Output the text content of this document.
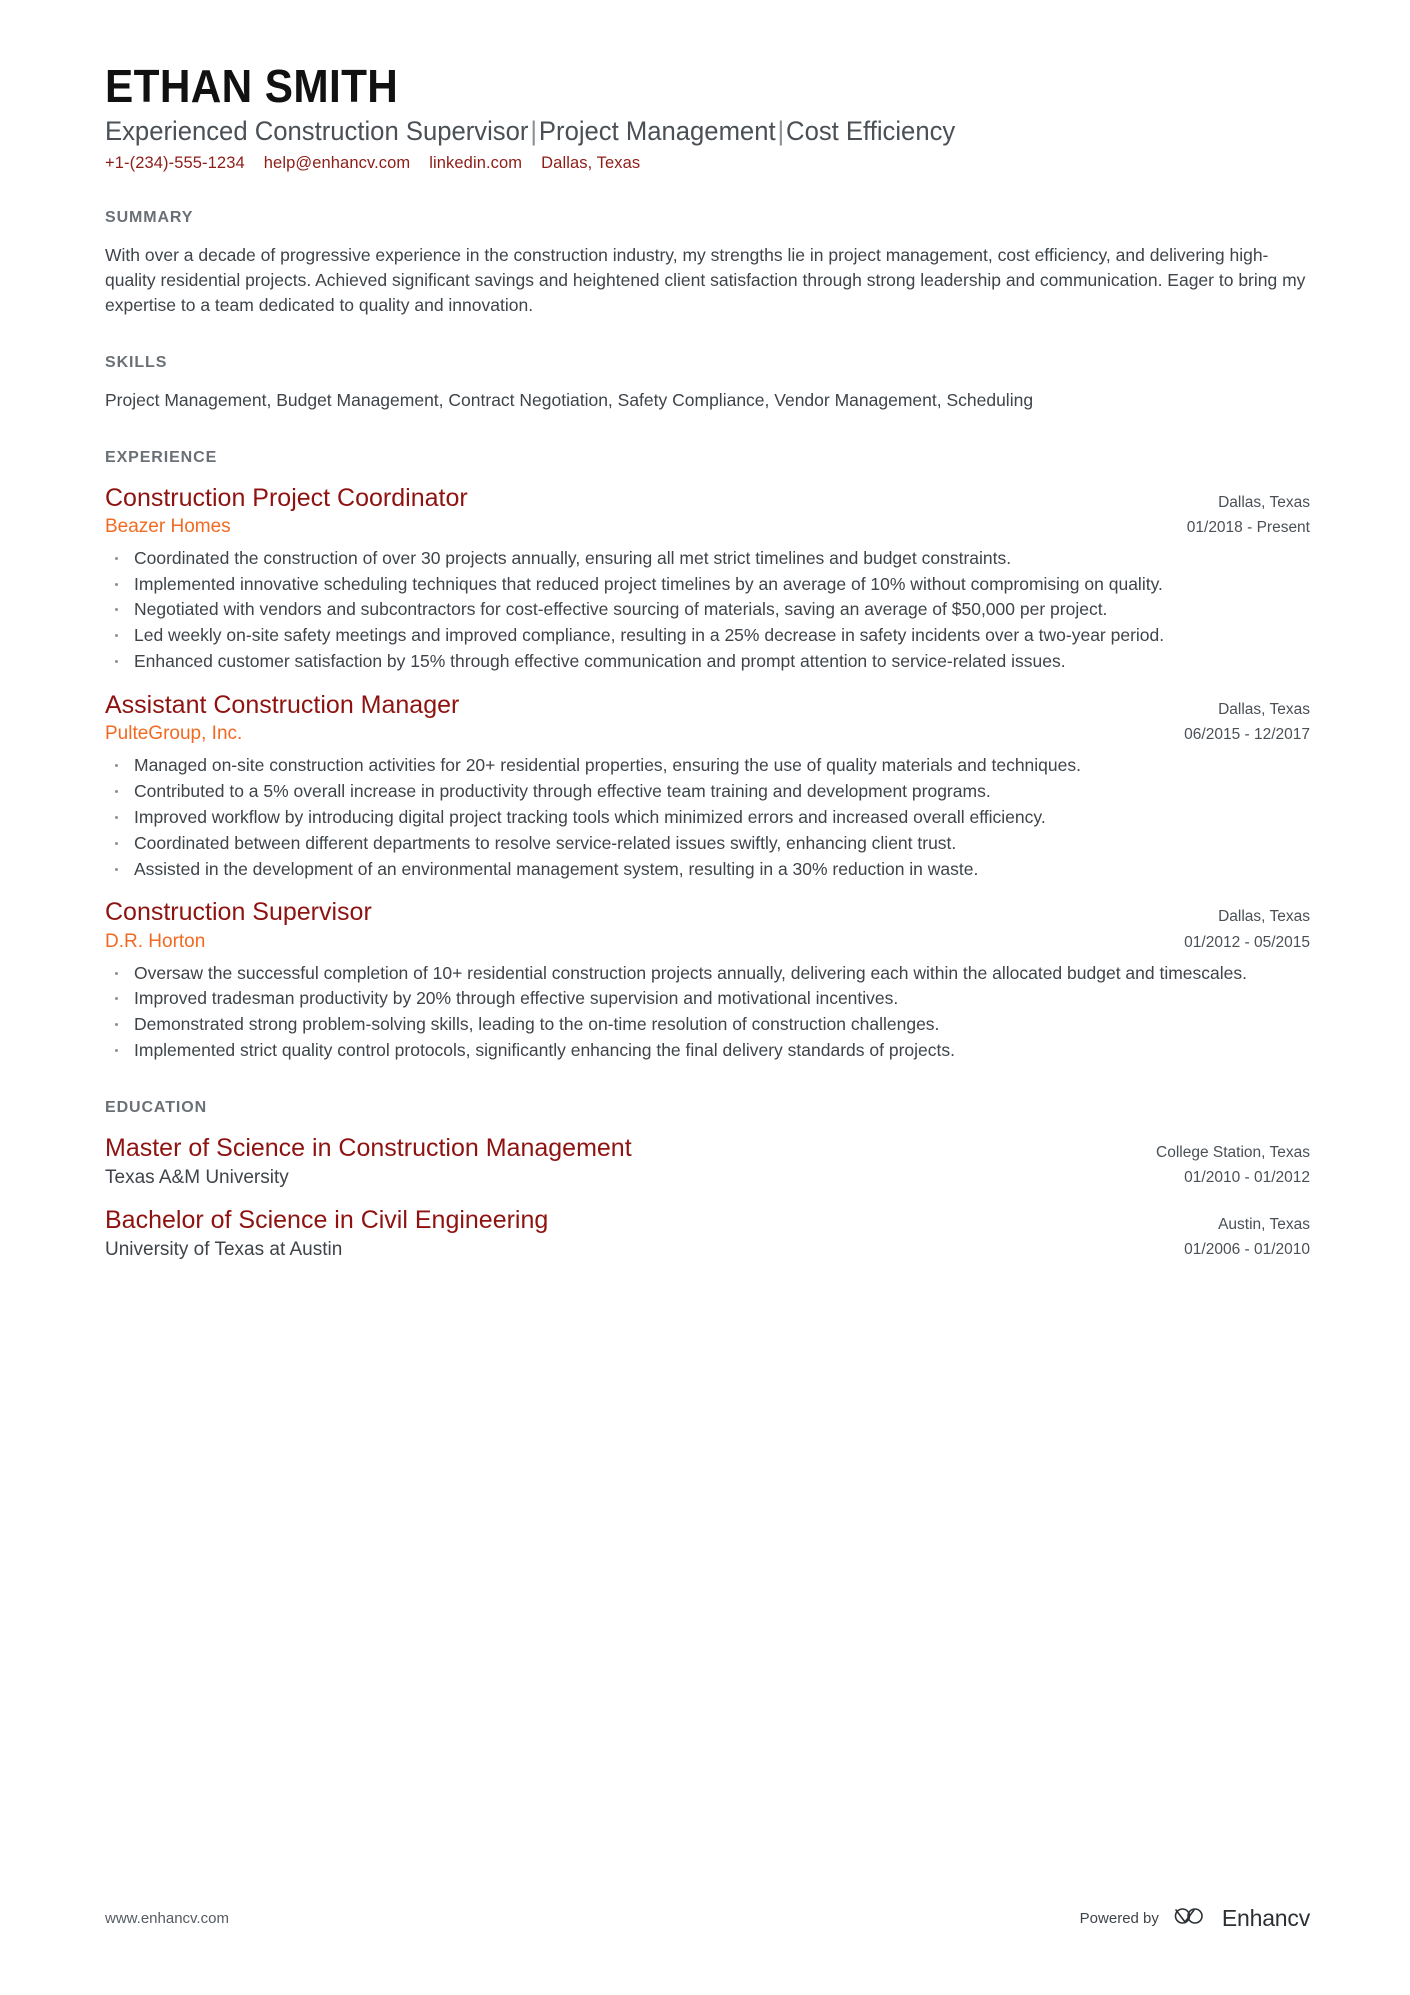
ETHAN SMITH
Experienced Construction Supervisor|Project Management|Cost Efficiency
+1-(234)-555-1234 help@enhancv.com linkedin.com Dallas, Texas
SUMMARY
With over a decade of progressive experience in the construction industry, my strengths lie in project management, cost efficiency, and delivering high-quality residential projects. Achieved significant savings and heightened client satisfaction through strong leadership and communication. Eager to bring my expertise to a team dedicated to quality and innovation.
SKILLS
Project Management, Budget Management, Contract Negotiation, Safety Compliance, Vendor Management, Scheduling
EXPERIENCE
Construction Project Coordinator
Beazer Homes
Dallas, Texas
01/2018 - Present
Coordinated the construction of over 30 projects annually, ensuring all met strict timelines and budget constraints.
Implemented innovative scheduling techniques that reduced project timelines by an average of 10% without compromising on quality.
Negotiated with vendors and subcontractors for cost-effective sourcing of materials, saving an average of $50,000 per project.
Led weekly on-site safety meetings and improved compliance, resulting in a 25% decrease in safety incidents over a two-year period.
Enhanced customer satisfaction by 15% through effective communication and prompt attention to service-related issues.
Assistant Construction Manager
PulteGroup, Inc.
Dallas, Texas
06/2015 - 12/2017
Managed on-site construction activities for 20+ residential properties, ensuring the use of quality materials and techniques.
Contributed to a 5% overall increase in productivity through effective team training and development programs.
Improved workflow by introducing digital project tracking tools which minimized errors and increased overall efficiency.
Coordinated between different departments to resolve service-related issues swiftly, enhancing client trust.
Assisted in the development of an environmental management system, resulting in a 30% reduction in waste.
Construction Supervisor
D.R. Horton
Dallas, Texas
01/2012 - 05/2015
Oversaw the successful completion of 10+ residential construction projects annually, delivering each within the allocated budget and timescales.
Improved tradesman productivity by 20% through effective supervision and motivational incentives.
Demonstrated strong problem-solving skills, leading to the on-time resolution of construction challenges.
Implemented strict quality control protocols, significantly enhancing the final delivery standards of projects.
EDUCATION
Master of Science in Construction Management
Texas A&M University
College Station, Texas
01/2010 - 01/2012
Bachelor of Science in Civil Engineering
University of Texas at Austin
Austin, Texas
01/2006 - 01/2010
www.enhancv.com	Powered by	Enhancv
